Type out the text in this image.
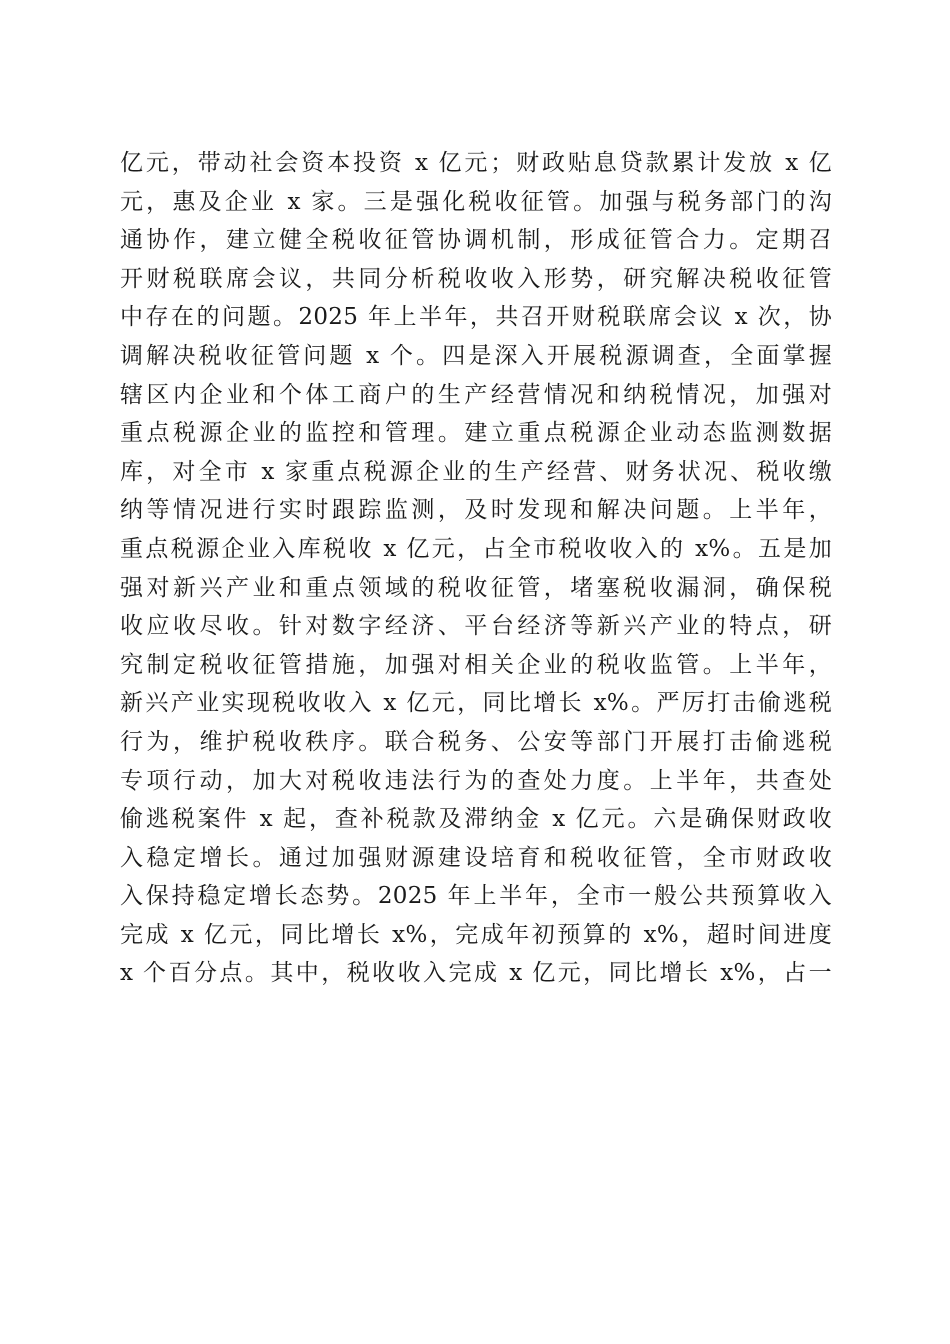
亿元，带动社会资本投资 x 亿元；财政贴息贷款累计发放 x 亿
元，惠及企业 x 家。三是强化税收征管。加强与税务部门的沟
通协作，建立健全税收征管协调机制，形成征管合力。定期召
开财税联席会议，共同分析税收收入形势，研究解决税收征管
中存在的问题。2025 年上半年，共召开财税联席会议 x 次，协
调解决税收征管问题 x 个。四是深入开展税源调查，全面掌握
辖区内企业和个体工商户的生产经营情况和纳税情况，加强对
重点税源企业的监控和管理。建立重点税源企业动态监测数据
库，对全市 x 家重点税源企业的生产经营、财务状况、税收缴
纳等情况进行实时跟踪监测，及时发现和解决问题。上半年，
重点税源企业入库税收 x 亿元，占全市税收收入的 x%。五是加
强对新兴产业和重点领域的税收征管，堵塞税收漏洞，确保税
收应收尽收。针对数字经济、平台经济等新兴产业的特点，研
究制定税收征管措施，加强对相关企业的税收监管。上半年，
新兴产业实现税收收入 x 亿元，同比增长 x%。严厉打击偷逃税
行为，维护税收秩序。联合税务、公安等部门开展打击偷逃税
专项行动，加大对税收违法行为的查处力度。上半年，共查处
偷逃税案件 x 起，查补税款及滞纳金 x 亿元。六是确保财政收
入稳定增长。通过加强财源建设培育和税收征管，全市财政收
入保持稳定增长态势。2025 年上半年，全市一般公共预算收入
完成 x 亿元，同比增长 x%，完成年初预算的 x%，超时间进度
x 个百分点。其中，税收收入完成 x 亿元，同比增长 x%，占一
